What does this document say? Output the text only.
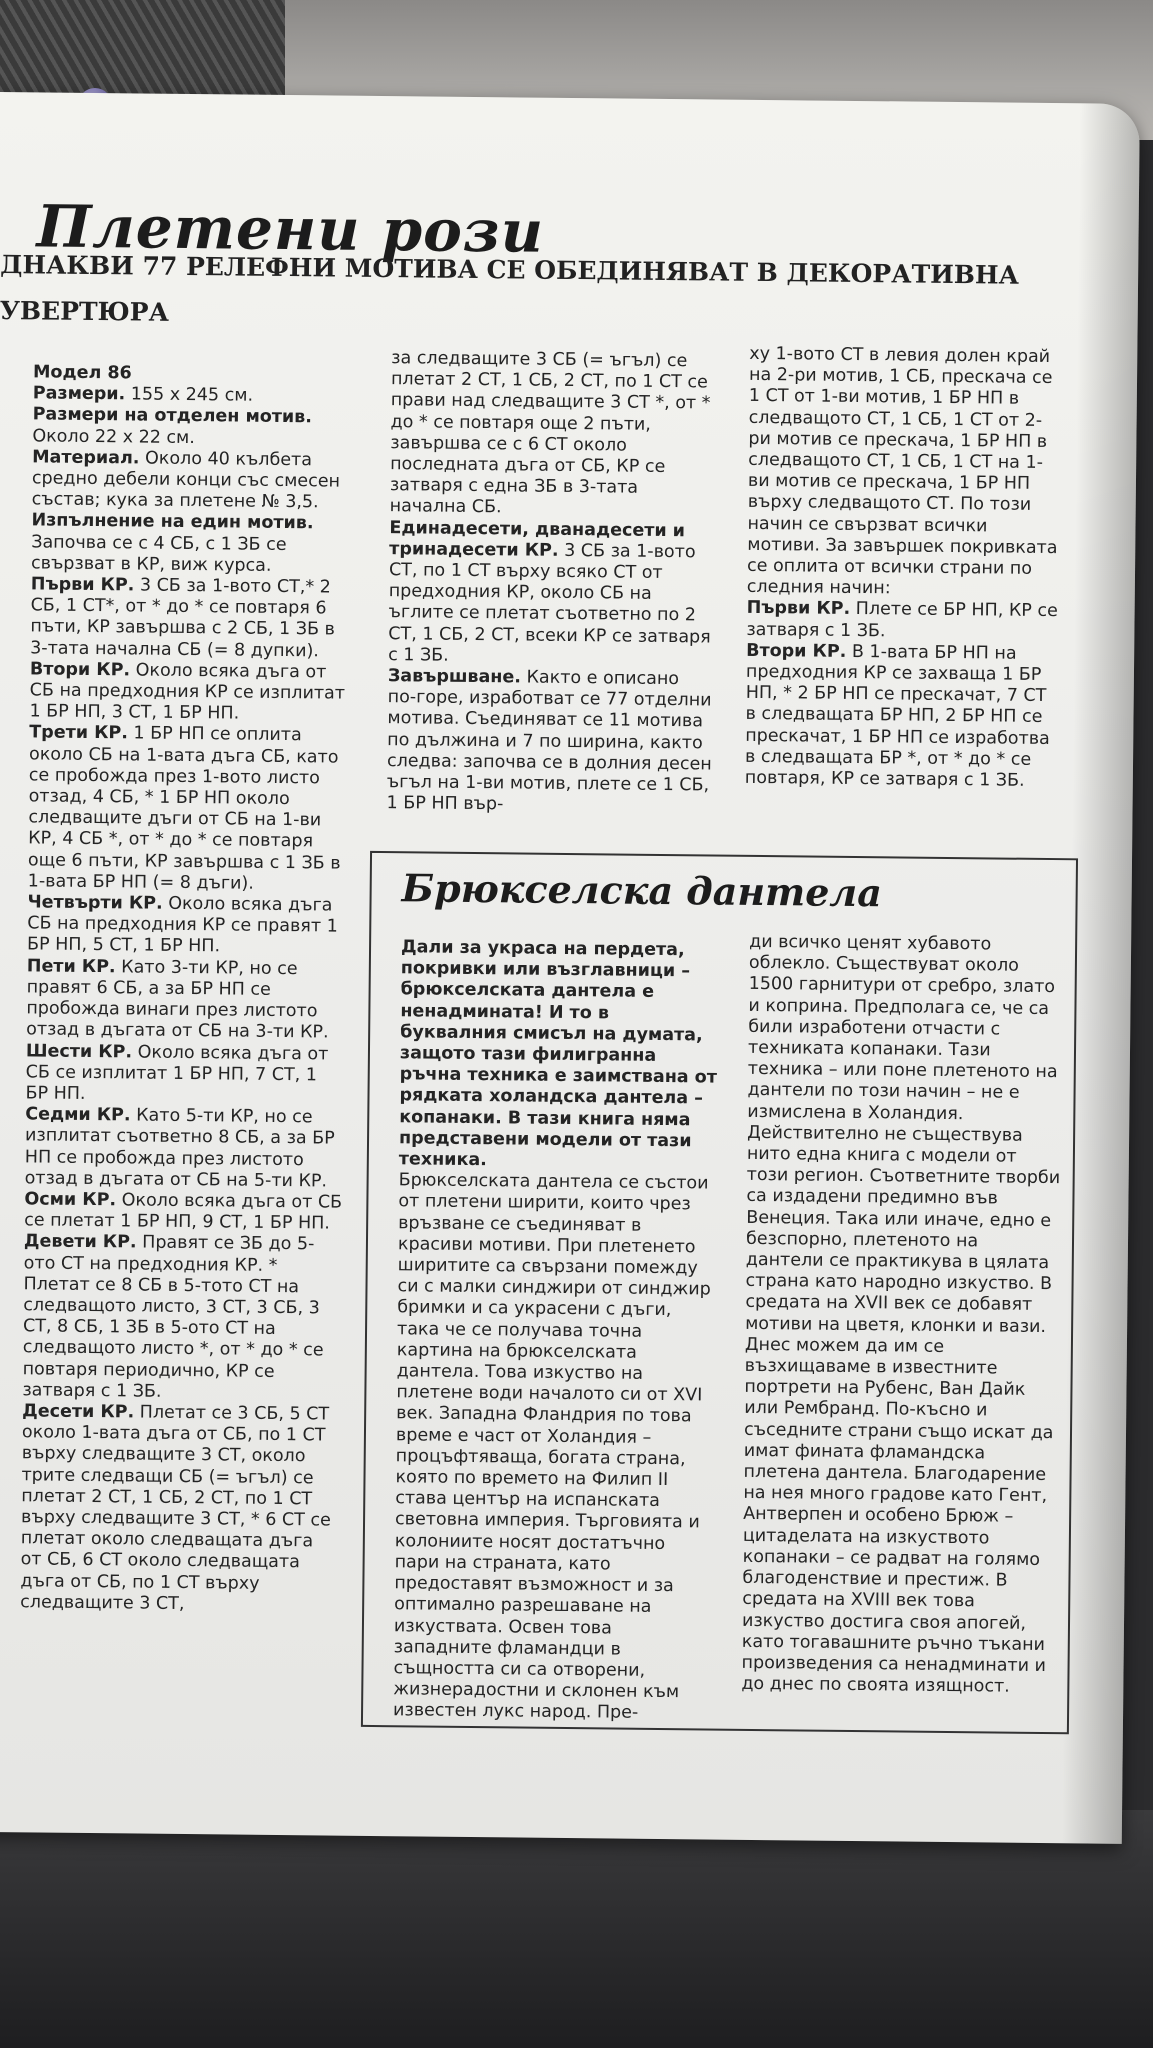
Плетени рози

ДНАКВИ 77 РЕЛЕФНИ МОТИВА СЕ ОБЕДИНЯВАТ В ДЕКОРАТИВНА УВЕРТЮРА

Модел 86

Размери. 155 х 245 см.

Размери на отделен мотив. Около 22 х 22 см.

Материал. Около 40 кълбета средно дебели конци със смесен състав; кука за плетене № 3,5.

Изпълнение на един мотив. Започва се с 4 СБ, с 1 ЗБ се свързват в КР, виж курса.

Първи КР. 3 СБ за 1-вото СТ,* 2 СБ, 1 СТ*, от * до * се повтаря 6 пъти, КР завършва с 2 СБ, 1 ЗБ в 3-тата начална СБ (= 8 дупки).

Втори КР. Около всяка дъга от СБ на предходния КР се изплитат 1 БР НП, 3 СТ, 1 БР НП.

Трети КР. 1 БР НП се оплита около СБ на 1-вата дъга СБ, като се пробожда през 1-вото листо отзад, 4 СБ, * 1 БР НП около следващите дъги от СБ на 1-ви КР, 4 СБ *, от * до * се повтаря още 6 пъти, КР завършва с 1 ЗБ в 1-вата БР НП (= 8 дъги).

Четвърти КР. Около всяка дъга СБ на предходния КР се правят 1 БР НП, 5 СТ, 1 БР НП.

Пети КР. Като 3-ти КР, но се правят 6 СБ, а за БР НП се пробожда винаги през листото отзад в дъгата от СБ на 3-ти КР.

Шести КР. Около всяка дъга от СБ се изплитат 1 БР НП, 7 СТ, 1 БР НП.

Седми КР. Като 5-ти КР, но се изплитат съответно 8 СБ, а за БР НП се пробожда през листото отзад в дъгата от СБ на 5-ти КР.

Осми КР. Около всяка дъга от СБ се плетат 1 БР НП, 9 СТ, 1 БР НП.

Девети КР. Правят се ЗБ до 5-ото СТ на предходния КР. * Плетат се 8 СБ в 5-тото СТ на следващото листо, 3 СТ, 3 СБ, 3 СТ, 8 СБ, 1 ЗБ в 5-ото СТ на следващото листо *, от * до * се повтаря периодично, КР се затваря с 1 ЗБ.

Десети КР. Плетат се 3 СБ, 5 СТ около 1-вата дъга от СБ, по 1 СТ върху следващите 3 СТ, около трите следващи СБ (= ъгъл) се плетат 2 СТ, 1 СБ, 2 СТ, по 1 СТ върху следващите 3 СТ, * 6 СТ се плетат около следващата дъга от СБ, 6 СТ около следващата дъга от СБ, по 1 СТ върху следващите 3 СТ,

за следващите 3 СБ (= ъгъл) се плетат 2 СТ, 1 СБ, 2 СТ, по 1 СТ се прави над следващите 3 СТ *, от * до * се повтаря още 2 пъти, завършва се с 6 СТ около последната дъга от СБ, КР се затваря с една ЗБ в 3-тата начална СБ.

Единадесети, дванадесети и тринадесети КР. 3 СБ за 1-вото СТ, по 1 СТ върху всяко СТ от предходния КР, около СБ на ъглите се плетат съответно по 2 СТ, 1 СБ, 2 СТ, всеки КР се затваря с 1 ЗБ.

Завършване. Както е описано по-горе, изработват се 77 отделни мотива. Съединяват се 11 мотива по дължина и 7 по ширина, както следва: започва се в долния десен ъгъл на 1-ви мотив, плете се 1 СБ, 1 БР НП вър-

ху 1-вото СТ в левия долен край на 2-ри мотив, 1 СБ, прескача се 1 СТ от 1-ви мотив, 1 БР НП в следващото СТ, 1 СБ, 1 СТ от 2-ри мотив се прескача, 1 БР НП в следващото СТ, 1 СБ, 1 СТ на 1-ви мотив се прескача, 1 БР НП върху следващото СТ. По този начин се свързват всички мотиви. За завършек покривката се оплита от всички страни по следния начин:

Първи КР. Плете се БР НП, КР се затваря с 1 ЗБ.

Втори КР. В 1-вата БР НП на предходния КР се захваща 1 БР НП, * 2 БР НП се прескачат, 7 СТ в следващата БР НП, 2 БР НП се прескачат, 1 БР НП се изработва в следващата БР *, от * до * се повтаря, КР се затваря с 1 ЗБ.

Брюкселска дантела

Дали за украса на пердета, покривки или възглавници – брюкселската дантела е ненадмината! И то в буквалния смисъл на думата, защото тази филигранна ръчна техника е заимствана от рядката холандска дантела – копанаки. В тази книга няма представени модели от тази техника.

Брюкселската дантела се състои от плетени ширити, които чрез връзване се съединяват в красиви мотиви. При плетенето ширитите са свързани помежду си с малки синджири от синджир бримки и са украсени с дъги, така че се получава точна картина на брюкселската дантела. Това изкуство на плетене води началото си от XVI век. Западна Фландрия по това време е част от Холандия – процъфтяваща, богата страна, която по времето на Филип II става център на испанската световна империя. Търговията и колониите носят достатъчно пари на страната, като предоставят възможност и за оптимално разрешаване на изкуствата. Освен това западните фламандци в същността си са отворени, жизнерадостни и склонен към известен лукс народ. Пре-

ди всичко ценят хубавото облекло. Съществуват около 1500 гарнитури от сребро, злато и коприна. Предполага се, че са били изработени отчасти с техниката копанаки. Тази техника – или поне плетеното на дантели по този начин – не е измислена в Холандия. Действително не съществува нито една книга с модели от този регион. Съответните творби са издадени предимно във Венеция. Така или иначе, едно е безспорно, плетеното на дантели се практикува в цялата страна като народно изкуство. В средата на XVII век се добавят мотиви на цветя, клонки и вази. Днес можем да им се възхищаваме в известните портрети на Рубенс, Ван Дайк или Рембранд. По-късно и съседните страни също искат да имат фината фламандска плетена дантела. Благодарение на нея много градове като Гент, Антверпен и особено Брюж – цитаделата на изкуството копанаки – се радват на голямо благоденствие и престиж. В средата на XVIII век това изкуство достига своя апогей, като тогавашните ръчно тъкани произведения са ненадминати и до днес по своята изящност.
